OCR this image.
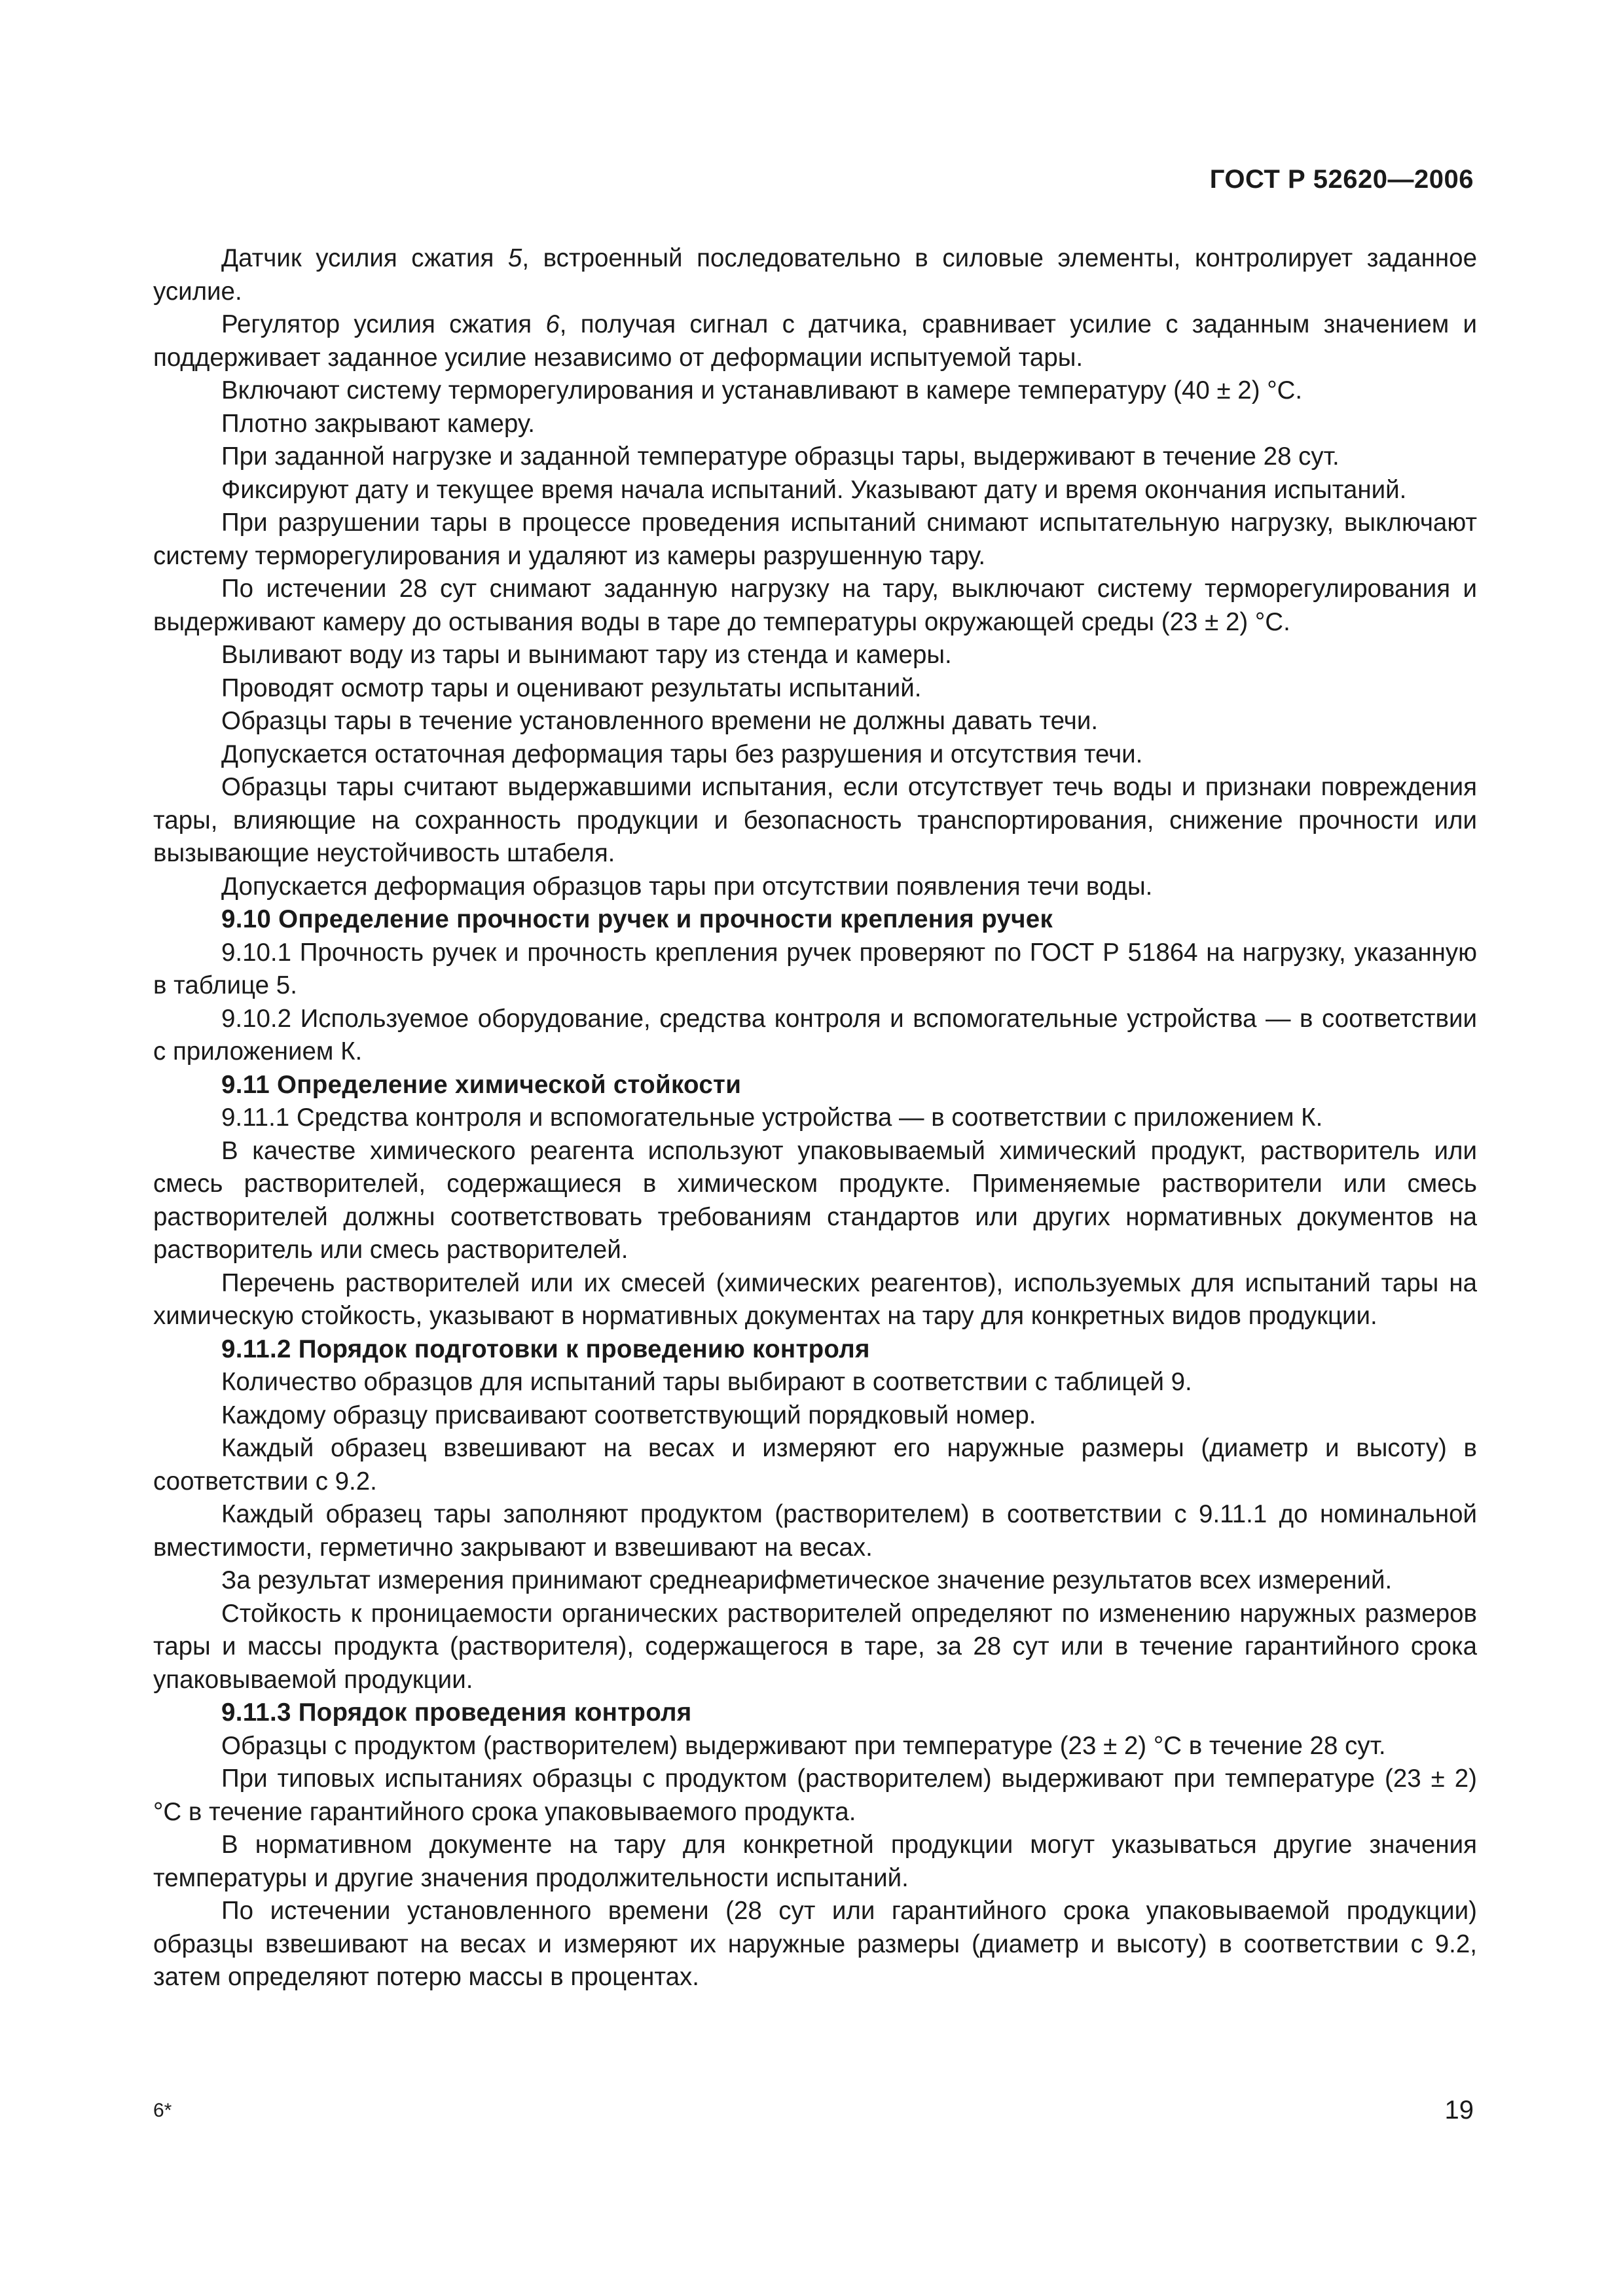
ГОСТ Р 52620—2006

Датчик усилия сжатия 5, встроенный последовательно в силовые элементы, контролирует заданное усилие.

Регулятор усилия сжатия 6, получая сигнал с датчика, сравнивает усилие с заданным значением и поддерживает заданное усилие независимо от деформации испытуемой тары.

Включают систему терморегулирования и устанавливают в камере температуру (40 ± 2) °С.

Плотно закрывают камеру.

При заданной нагрузке и заданной температуре образцы тары, выдерживают в течение 28 сут.

Фиксируют дату и текущее время начала испытаний. Указывают дату и время окончания испытаний.

При разрушении тары в процессе проведения испытаний снимают испытательную нагрузку, выключают систему терморегулирования и удаляют из камеры разрушенную тару.

По истечении 28 сут снимают заданную нагрузку на тару, выключают систему терморегулирования и выдерживают камеру до остывания воды в таре до температуры окружающей среды (23 ± 2) °С.

Выливают воду из тары и вынимают тару из стенда и камеры.

Проводят осмотр тары и оценивают результаты испытаний.

Образцы тары в течение установленного времени не должны давать течи.

Допускается остаточная деформация тары без разрушения и отсутствия течи.

Образцы тары считают выдержавшими испытания, если отсутствует течь воды и признаки повреждения тары, влияющие на сохранность продукции и безопасность транспортирования, снижение прочности или вызывающие неустойчивость штабеля.

Допускается деформация образцов тары при отсутствии появления течи воды.

9.10 Определение прочности ручек и прочности крепления ручек

9.10.1 Прочность ручек и прочность крепления ручек проверяют по ГОСТ Р 51864 на нагрузку, указанную в таблице 5.

9.10.2 Используемое оборудование, средства контроля и вспомогательные устройства — в соответствии с приложением К.

9.11 Определение химической стойкости

9.11.1 Средства контроля и вспомогательные устройства — в соответствии с приложением К.

В качестве химического реагента используют упаковываемый химический продукт, растворитель или смесь растворителей, содержащиеся в химическом продукте. Применяемые растворители или смесь растворителей должны соответствовать требованиям стандартов или других нормативных документов на растворитель или смесь растворителей.

Перечень растворителей или их смесей (химических реагентов), используемых для испытаний тары на химическую стойкость, указывают в нормативных документах на тару для конкретных видов продукции.

9.11.2 Порядок подготовки к проведению контроля

Количество образцов для испытаний тары выбирают в соответствии с таблицей 9.

Каждому образцу присваивают соответствующий порядковый номер.

Каждый образец взвешивают на весах и измеряют его наружные размеры (диаметр и высоту) в соответствии с 9.2.

Каждый образец тары заполняют продуктом (растворителем) в соответствии с 9.11.1 до номинальной вместимости, герметично закрывают и взвешивают на весах.

За результат измерения принимают среднеарифметическое значение результатов всех измерений.

Стойкость к проницаемости органических растворителей определяют по изменению наружных размеров тары и массы продукта (растворителя), содержащегося в таре, за 28 сут или в течение гарантийного срока упаковываемой продукции.

9.11.3 Порядок проведения контроля

Образцы с продуктом (растворителем) выдерживают при температуре (23 ± 2) °С в течение 28 сут.

При типовых испытаниях образцы с продуктом (растворителем) выдерживают при температуре (23 ± 2) °С в течение гарантийного срока упаковываемого продукта.

В нормативном документе на тару для конкретной продукции могут указываться другие значения температуры и другие значения продолжительности испытаний.

По истечении установленного времени (28 сут или гарантийного срока упаковываемой продукции) образцы взвешивают на весах и измеряют их наружные размеры (диаметр и высоту) в соответствии с 9.2, затем определяют потерю массы в процентах.

6*	19
